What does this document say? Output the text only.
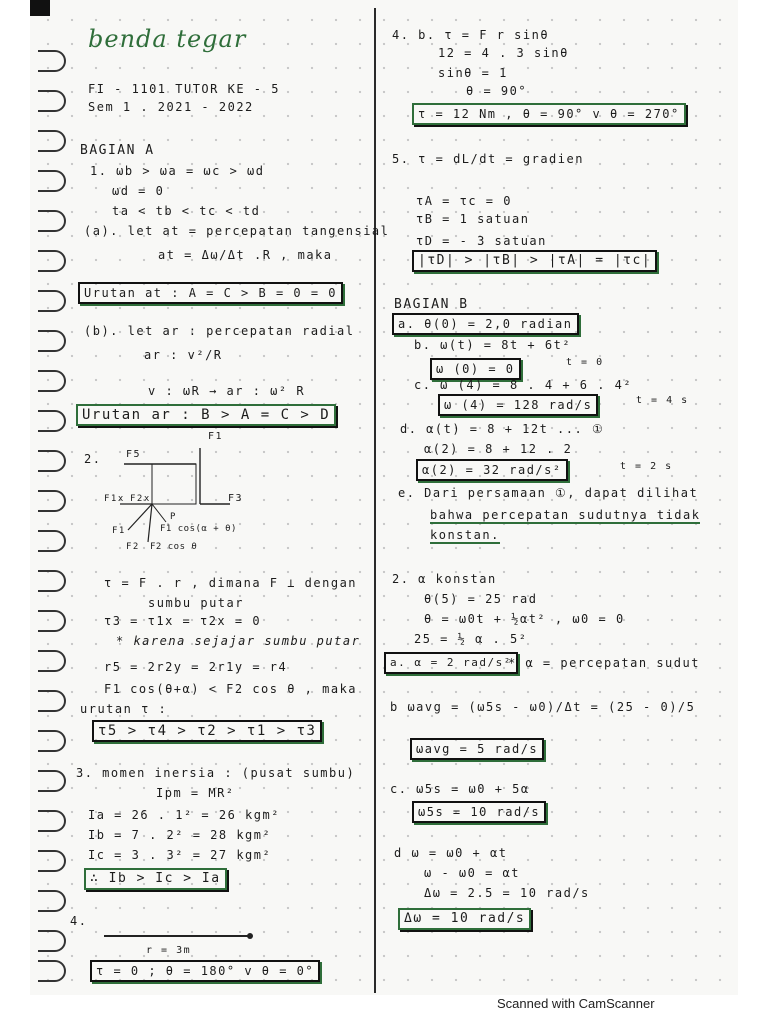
benda tegar
FI - 1101 TUTOR KE - 5
Sem 1 . 2021 - 2022
BAGIAN A
1. ωb > ωa = ωc > ωd
ωd = 0
ta < tb < tc < td
(a). let at = percepatan tangensial
at = Δω/Δt .R , maka
Urutan at : A = C > B = 0 = 0
(b). let ar : percepatan radial
ar : v²/R
v : ωR → ar : ω² R
Urutan ar : B > A = C > D
2.
F1
F5
F3
F1x F2x
P
F1
F2
F1 cos(α + θ)
F2 cos θ
τ = F . r , dimana F ⊥ dengan
sumbu putar
τ3 = τ1x = τ2x = 0
* karena sejajar sumbu putar
r5 = 2r2y = 2r1y = r4
F1 cos(θ+α) < F2 cos θ , maka
urutan τ :
τ5 > τ4 > τ2 > τ1 > τ3
3. momen inersia : (pusat sumbu)
Ipm = MR²
Ia = 26 . 1² = 26 kgm²
Ib = 7 . 2² = 28 kgm²
Ic = 3 . 3² = 27 kgm²
∴ Ib > Ic > Ia
4.
r = 3m
τ = 0 ; θ = 180° v θ = 0°
4. b. τ = F r sinθ
12 = 4 . 3 sinθ
sinθ = 1
θ = 90°
τ = 12 Nm , θ = 90° v θ = 270°
5. τ = dL/dt = gradien
τA = τc = 0
τB = 1 satuan
τD = - 3 satuan
|τD| > |τB| > |τA| = |τc|
BAGIAN B
a. θ(0) = 2,0 radian
b. ω(t) = 8t + 6t²
t = 0
ω (0) = 0
c. ω (4) = 8 . 4 + 6 . 4²
ω (4) = 128 rad/s	t = 4 s
d. α(t) = 8 + 12t ... ①
α(2) = 8 + 12 . 2
α(2) = 32 rad/s²	t = 2 s
e. Dari persamaan ①, dapat dilihat
bahwa percepatan sudutnya tidak
konstan.
2. α konstan
θ(5) = 25 rad
θ = ω0t + ½αt² , ω0 = 0
25 = ½ α . 5²
a. α = 2 rad/s²
* α = percepatan sudut
b ωavg = (ω5s - ω0)/Δt = (25 - 0)/5
ωavg = 5 rad/s
c. ω5s = ω0 + 5α
ω5s = 10 rad/s
d ω = ω0 + αt
ω - ω0 = αt
Δω = 2.5 = 10 rad/s
Δω = 10 rad/s
Scanned with CamScanner
